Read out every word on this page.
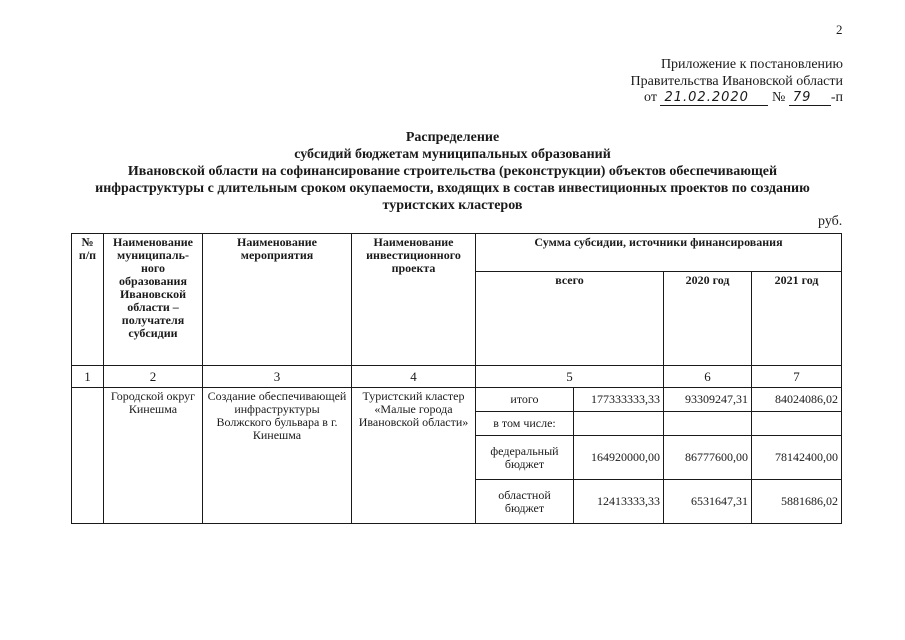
2
Приложение к постановлению
Правительства Ивановской области
от 21.02.2020 № 79 -п
Распределение
субсидий бюджетам муниципальных образований
Ивановской области на софинансирование строительства (реконструкции) объектов обеспечивающей
инфраструктуры с длительным сроком окупаемости, входящих в состав инвестиционных проектов по созданию
туристских кластеров
руб.
№ п/п	Наименование муниципаль-ного образования Ивановской области – получателя субсидии	Наименование мероприятия	Наименование инвестиционного проекта	Сумма субсидии, источники финансирования			
				всего		2020 год	2021 год
1	2	3	4	5		6	7
	Городской округ Кинешма	Создание обеспечивающей инфраструктуры Волжского бульвара в г. Кинешма	Туристский кластер «Малые города Ивановской области»	итого	177333333,33	93309247,31	84024086,02
				в том числе:			
				федеральный бюджет	164920000,00	86777600,00	78142400,00
				областной бюджет	12413333,33	6531647,31	5881686,02
